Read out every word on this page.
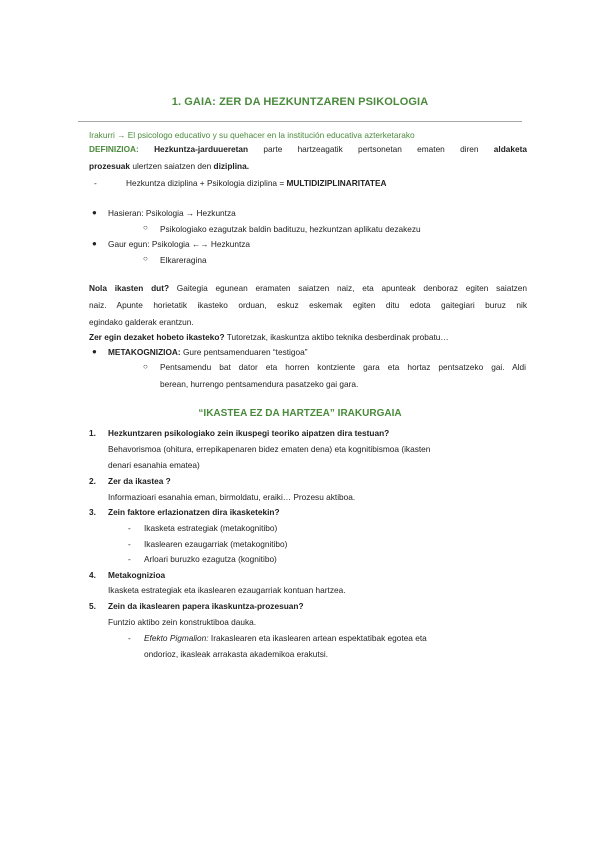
1. GAIA: ZER DA HEZKUNTZAREN PSIKOLOGIA
Irakurri → El psicologo educativo y su quehacer en la institución educativa azterketarako
DEFINIZIOA: Hezkuntza-jarduueretan parte hartzeagatik pertsonetan ematen diren aldaketa
prozesuak ulertzen saiatzen den diziplina.
-	Hezkuntza diziplina + Psikologia diziplina = MULTIDIZIPLINARITATEA
● Hasieran: Psikologia → Hezkuntza
○ Psikologiako ezagutzak baldin badituzu, hezkuntzan aplikatu dezakezu
● Gaur egun: Psikologia ←→ Hezkuntza
○ Elkareragina
Nola ikasten dut? Gaitegia egunean eramaten saiatzen naiz, eta apunteak denboraz egiten saiatzen
naiz. Apunte horietatik ikasteko orduan, eskuz eskemak egiten ditu edota gaitegiari buruz nik
egindako galderak erantzun.
Zer egin dezaket hobeto ikasteko? Tutoretzak, ikaskuntza aktibo teknika desberdinak probatu…
● METAKOGNIZIOA: Gure pentsamenduaren “testigoa”
○ Pentsamendu bat dator eta horren kontziente gara eta hortaz pentsatzeko gai. Aldi
berean, hurrengo pentsamendura pasatzeko gai gara.
“IKASTEA EZ DA HARTZEA” IRAKURGAIA
1. Hezkuntzaren psikologiako zein ikuspegi teoriko aipatzen dira testuan?
Behavorismoa (ohitura, errepikapenaren bidez ematen dena) eta kognitibismoa (ikasten
denari esanahia ematea)
2. Zer da ikastea ?
Informazioari esanahia eman, birmoldatu, eraiki… Prozesu aktiboa.
3. Zein faktore erlazionatzen dira ikasketekin?
- Ikasketa estrategiak (metakognitibo)
- Ikaslearen ezaugarriak (metakognitibo)
- Arloari buruzko ezagutza (kognitibo)
4. Metakognizioa
Ikasketa estrategiak eta ikaslearen ezaugarriak kontuan hartzea.
5. Zein da ikaslearen papera ikaskuntza-prozesuan?
Funtzio aktibo zein konstruktiboa dauka.
- Efekto Pigmalion: Irakaslearen eta ikaslearen artean espektatibak egotea eta
ondorioz, ikasleak arrakasta akademikoa erakutsi.
